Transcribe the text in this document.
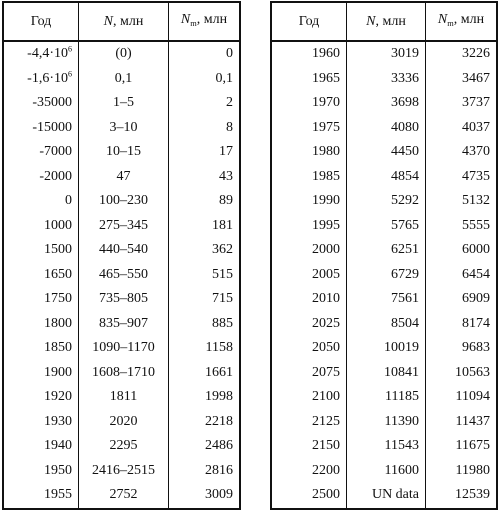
Год	N, млн	$N_m$, млн
$-4,4\cdot 10^6$	(0)	0
$-1,6\cdot 10^6$	0,1	0,1
-35000	1–5	2
-15000	3–10	8
-7000	10–15	17
-2000	47	43
0	100–230	89
1000	275–345	181
1500	440–540	362
1650	465–550	515
1750	735–805	715
1800	835–907	885
1850	1090–1170	1158
1900	1608–1710	1661
1920	1811	1998
1930	2020	2218
1940	2295	2486
1950	2416–2515	2816
1955	2752	3009
Год	N, млн	$N_m$, млн
1960	3019	3226
1965	3336	3467
1970	3698	3737
1975	4080	4037
1980	4450	4370
1985	4854	4735
1990	5292	5132
1995	5765	5555
2000	6251	6000
2005	6729	6454
2010	7561	6909
2025	8504	8174
2050	10019	9683
2075	10841	10563
2100	11185	11094
2125	11390	11437
2150	11543	11675
2200	11600	11980
2500	UN data	12539
